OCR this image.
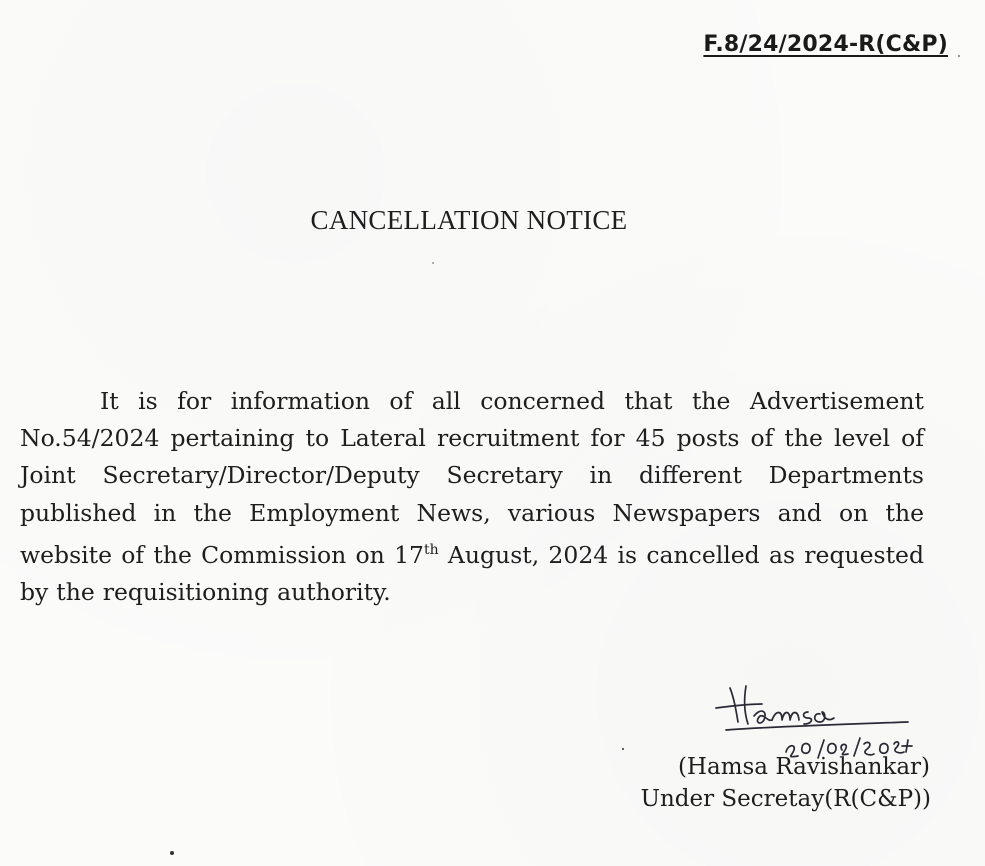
F.8/24/2024-R(C&P)
CANCELLATION NOTICE

It is for information of all concerned that the Advertisement No.54/2024 pertaining to Lateral recruitment for 45 posts of the level of Joint Secretary/Director/Deputy Secretary in different Departments published in the Employment News, various Newspapers and on the website of the Commission on 17th August, 2024 is cancelled as requested by the requisitioning authority.

(Hamsa Ravishankar)
Under Secretay(R(C&P))
